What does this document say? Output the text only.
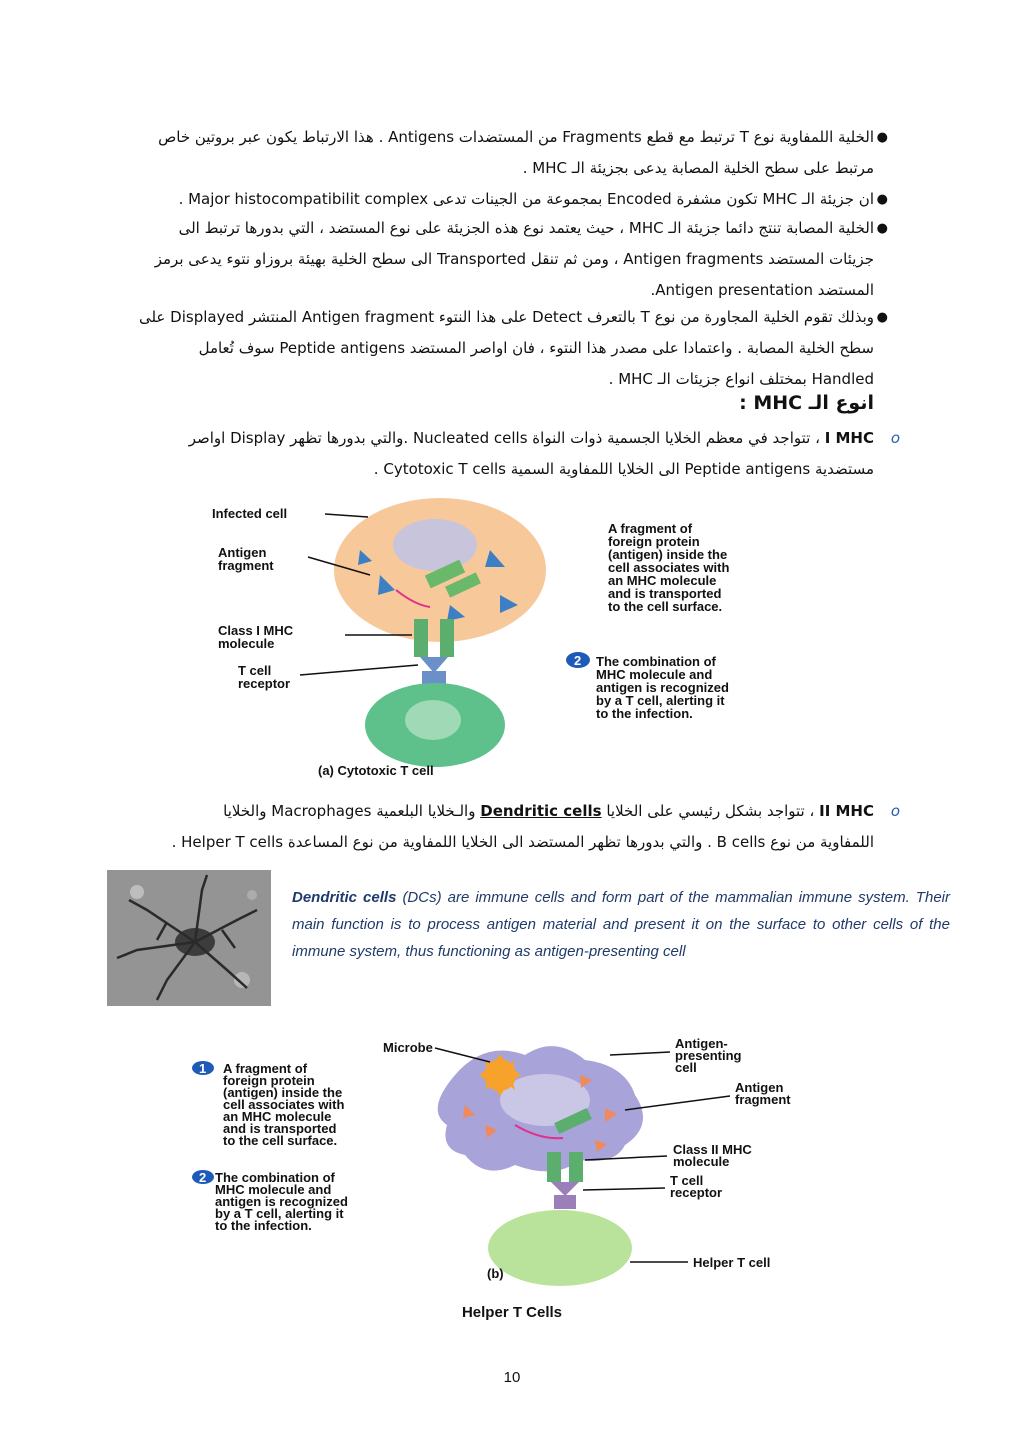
●
الخلية اللمفاوية نوع T ترتبط مع قطع Fragments من المستضدات Antigens . هذا الارتباط يكون عبر بروتين خاص
مرتبط على سطح الخلية المصابة يدعى بجزيئة الـ MHC .
●
ان جزيئة الـ MHC تكون مشفرة Encoded بمجموعة من الجينات تدعى Major histocompatibilit complex .
●
الخلية المصابة تنتج دائما جزيئة الـ MHC ، حيث يعتمد نوع هذه الجزيئة على نوع المستضد ، التي بدورها ترتبط الى
جزيئات المستضد Antigen fragments ، ومن ثم تنقل Transported الى سطح الخلية بهيئة بروزاو نتوء يدعى برمز
المستضد Antigen presentation.
●
وبذلك تقوم الخلية المجاورة من نوع T بالتعرف Detect على هذا النتوء Antigen fragment المنتشر Displayed على
سطح الخلية المصابة . واعتمادا على مصدر هذا النتوء ، فان اواصر المستضد Peptide antigens سوف تُعامل
Handled بمختلف انواع جزيئات الـ MHC .
انوع الـ MHC :
o
I MHC ، تتواجد في معظم الخلايا الجسمية ذوات النواة Nucleated cells .والتي بدورها تظهر Display اواصر
مستضدية Peptide antigens الى الخلايا اللمفاوية السمية Cytotoxic T cells .
Infected cell
Antigen
fragment
Class I MHC
molecule
T cell
receptor
A fragment of
foreign protein
(antigen) inside the
cell associates with
an MHC molecule
and is transported
to the cell surface.
2 The combination of
MHC molecule and
antigen is recognized
by a T cell, alerting it
to the infection.
(a) Cytotoxic T cell
o
II MHC ، تتواجد بشكل رئيسي على الخلايا Dendritic cells والـخلايا البلعمية Macrophages والخلايا
اللمفاوية من نوع B cells . والتي بدورها تظهر المستضد الى الخلايا اللمفاوية من نوع المساعدة Helper T cells .
Dendritic cells (DCs) are immune cells and form part of the mammalian immune system. Their main function is to process antigen material and present it on the surface to other cells of the immune system, thus functioning as antigen-presenting cell
1 A fragment of
foreign protein
(antigen) inside the
cell associates with
an MHC molecule
and is transported
to the cell surface.
2 The combination of
MHC molecule and
antigen is recognized
by a T cell, alerting it
to the infection.
Microbe	Antigen-
presenting
cell
Antigen
fragment
Class II MHC
molecule
T cell
receptor
Helper T cell
(b)
Helper T Cells
10
